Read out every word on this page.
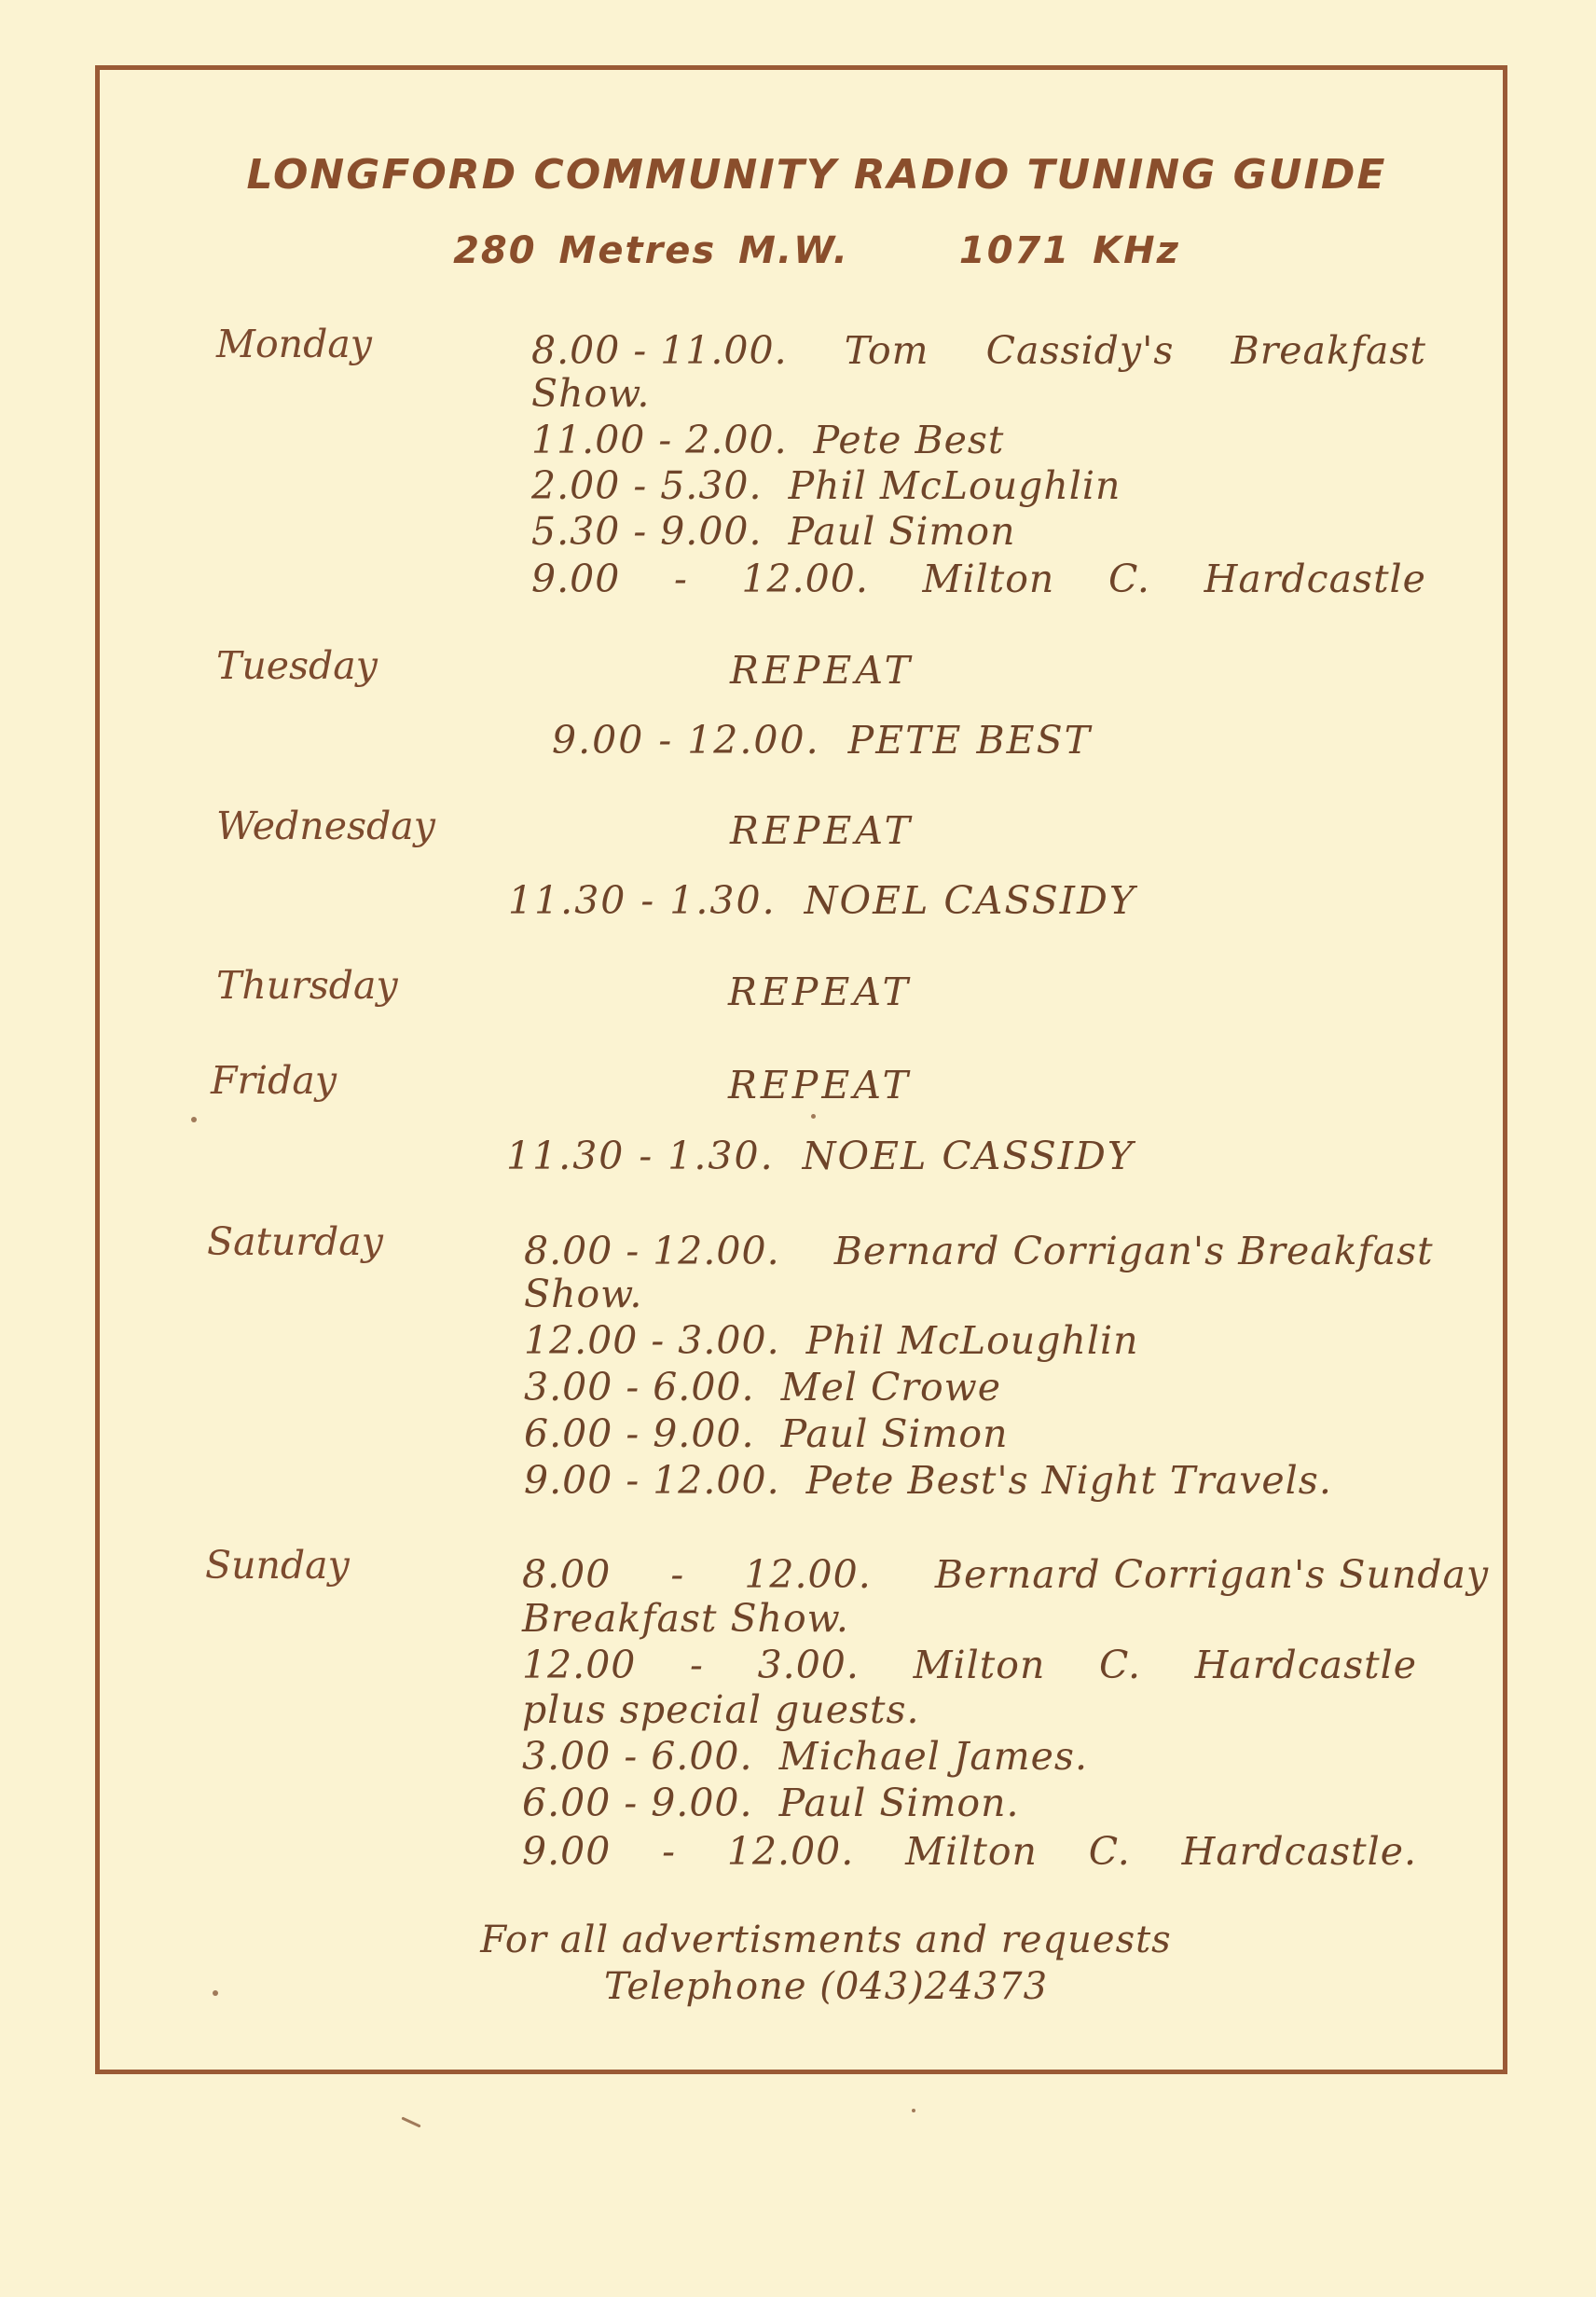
LONGFORD COMMUNITY RADIO TUNING GUIDE
280 Metres M.W.	1071 KHz
Monday	8.00 - 11.00. Tom Cassidy's Breakfast
Show.
11.00 - 2.00.  Pete Best
2.00 - 5.30.  Phil McLoughlin
5.30 - 9.00.  Paul Simon
9.00 - 12.00. Milton C. Hardcastle
Tuesday	REPEAT
9.00 - 12.00.  PETE BEST
Wednesday	REPEAT
11.30 - 1.30.  NOEL CASSIDY
Thursday	REPEAT
Friday	REPEAT
11.30 - 1.30.  NOEL CASSIDY
Saturday	8.00 - 12.00. Bernard Corrigan's Breakfast
Show.
12.00 - 3.00.  Phil McLoughlin
3.00 - 6.00.  Mel Crowe
6.00 - 9.00.  Paul Simon
9.00 - 12.00.  Pete Best's Night Travels.
Sunday	8.00 - 12.00. Bernard Corrigan's Sunday
Breakfast Show.
12.00 - 3.00. Milton C. Hardcastle
plus special guests.
3.00 - 6.00.  Michael James.
6.00 - 9.00.  Paul Simon.
9.00 - 12.00. Milton C. Hardcastle.
For all advertisments and requests
Telephone (043)24373
